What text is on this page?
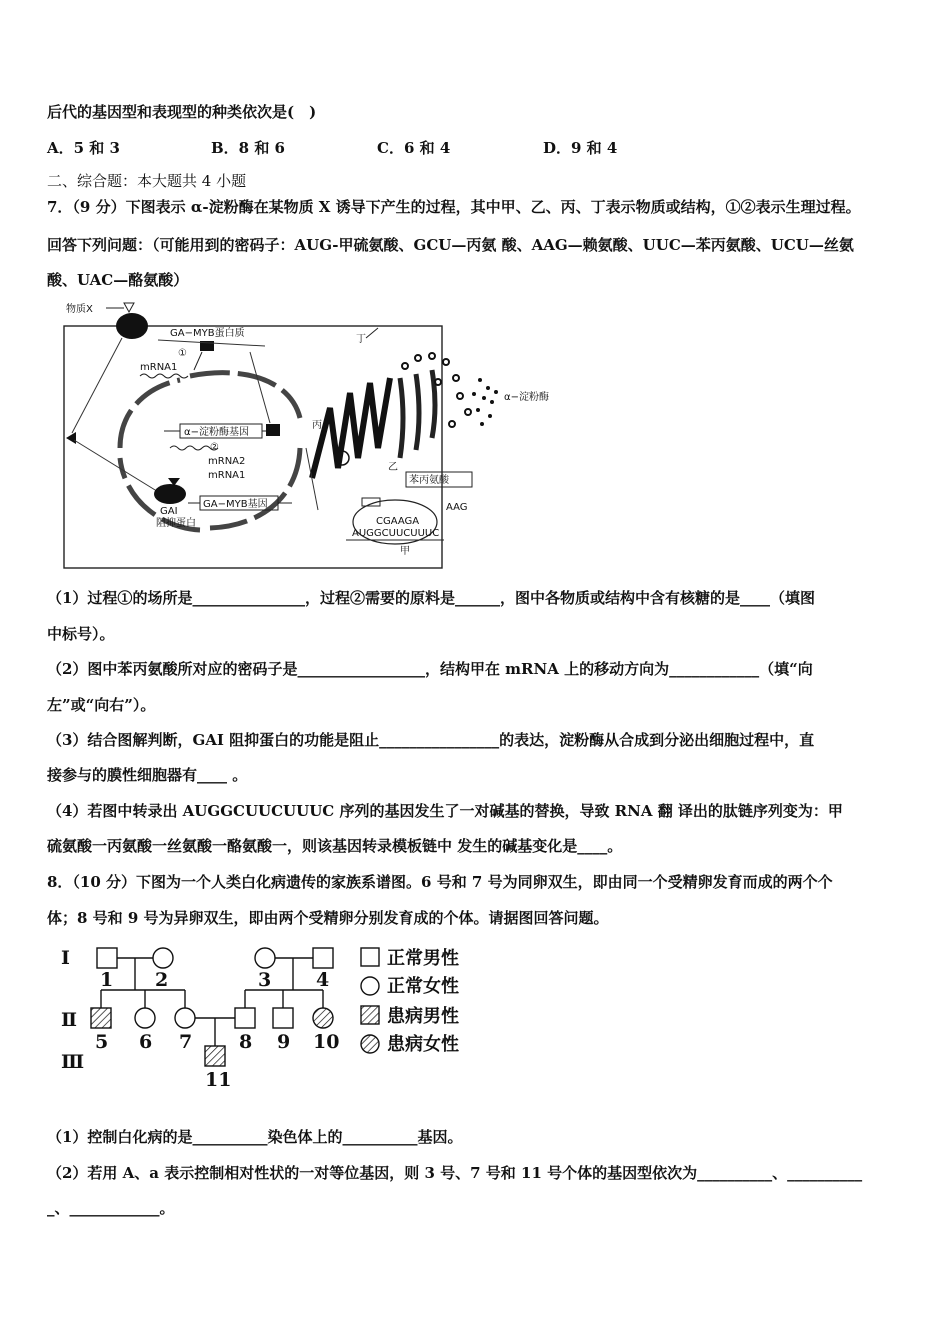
后代的基因型和表现型的种类依次是(　)
A．5 和 3	B．8 和 6	C．6 和 4	D．9 和 4
二、综合题：本大题共 4 小题
7．（9 分）下图表示 α-淀粉酶在某物质 X 诱导下产生的过程，其中甲、乙、丙、丁表示物质或结构，①②表示生理过程。
回答下列问题：（可能用到的密码子：AUG-甲硫氨酸、GCU—丙氨 酸、AAG—赖氨酸、UUC—苯丙氨酸、UCU—丝氨
酸、UAC—酪氨酸）
物质X
GA−MYB蛋白质
①
mRNA1
丁
α−淀粉酶基因
②
mRNA2
mRNA1
GA−MYB基因
GAI
阻抑蛋白
丙
乙
α−淀粉酶
苯丙氨酸
AAG
CGAAGA
AUGGCUUCUUUC
甲
（1）过程①的场所是_______________，过程②需要的原料是______，图中各物质或结构中含有核糖的是____（填图
中标号）。
（2）图中苯丙氨酸所对应的密码子是_________________，结构甲在 mRNA 上的移动方向为____________（填“向
左”或“向右”）。
（3）结合图解判断，GAI 阻抑蛋白的功能是阻止________________的表达，淀粉酶从合成到分泌出细胞过程中，直
接参与的膜性细胞器有____ 。
（4）若图中转录出 AUGGCUUCUUUC 序列的基因发生了一对碱基的替换，导致 RNA 翻 译出的肽链序列变为：甲
硫氨酸一丙氨酸一丝氨酸一酪氨酸一，则该基因转录模板链中 发生的碱基变化是____。
8．（10 分）下图为一个人类白化病遗传的家族系谱图。6 号和 7 号为同卵双生，即由同一个受精卵发育而成的两个个
体；8 号和 9 号为异卵双生，即由两个受精卵分别发育成的个体。请据图回答问题。
Ⅰ
Ⅱ
Ⅲ
1 2	3 4
5 6 7 8 9 10
11
正常男性
正常女性
患病男性
患病女性
（1）控制白化病的是__________染色体上的__________基因。
（2）若用 A、a 表示控制相对性状的一对等位基因，则 3 号、7 号和 11 号个体的基因型依次为__________、__________
_、____________。
